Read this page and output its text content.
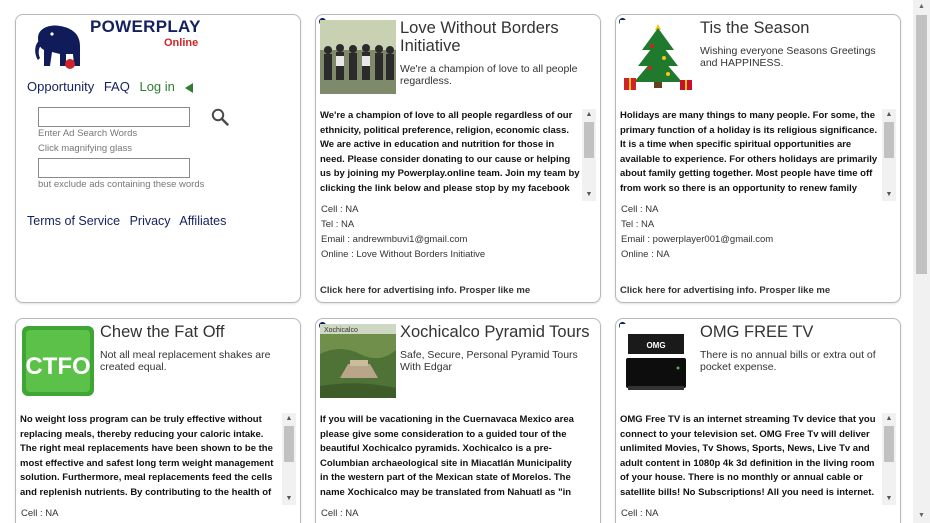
POWERPLAY
Online
Opportunity FAQ Log in
Enter Ad Search Words
Click magnifying glass
but exclude ads containing these words
Terms of Service Privacy Affiliates
Love Without Borders Initiative
We're a champion of love to all people regardless.
We're a champion of love to all people regardless of our ethnicity, political preference, religion, economic class. We are active in education and nutrition for those in need. Please consider donating to our cause or helping us by joining my Powerplay.online team. Join my team by clicking the link below and please stop by my facebook
▲
▼
Cell : NA
Tel : NA
Email : andrewmbuvi1@gmail.com
Online : Love Without Borders Initiative
Click here for advertising info. Prosper like me
Tis the Season
Wishing everyone Seasons Greetings and HAPPINESS.
Holidays are many things to many people. For some, the primary function of a holiday is its religious significance. It is a time when specific spiritual opportunities are available to experience. For others holidays are primarily about family getting together. Most people have time off from work so there is an opportunity to renew family
▲
▼
Cell : NA
Tel : NA
Email : powerplayer001@gmail.com
Online : NA
Click here for advertising info. Prosper like me
CTFO
Chew the Fat Off
Not all meal replacement shakes are created equal.
No weight loss program can be truly effective without replacing meals, thereby reducing your caloric intake. The right meal replacements have been shown to be the most effective and safest long term weight management solution. Furthermore, meal replacements feed the cells and replenish nutrients. By contributing to the health of
▲
▼
Cell : NA
Xochicalco	Xochicalco Pyramid Tours
Safe, Secure, Personal Pyramid Tours With Edgar
If you will be vacationing in the Cuernavaca Mexico area please give some consideration to a guided tour of the beautiful Xochicalco pyramids. Xochicalco is a pre-Columbian archaeological site in Miacatlán Municipality in the western part of the Mexican state of Morelos. The name Xochicalco may be translated from Nahuatl as "in
Cell : NA
OMG
OMG FREE TV
There is no annual bills or extra out of pocket expense.
OMG Free TV is an internet streaming Tv device that you connect to your television set. OMG Free Tv will deliver unlimited Movies, Tv Shows, Sports, News, Live Tv and adult content in 1080p 4k 3d definition in the living room of your house. There is no monthly or annual cable or satellite bills! No Subscriptions! All you need is internet.
▲
▼
Cell : NA
▲
▼
